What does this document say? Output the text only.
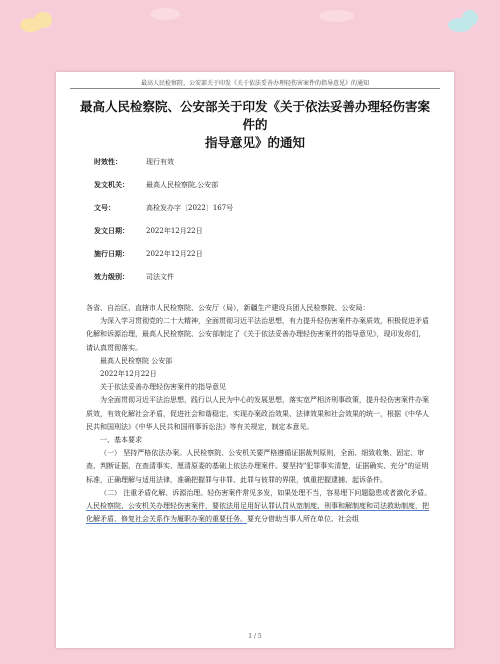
最高人民检察院、公安部关于印发《关于依法妥善办理轻伤害案件的指导意见》的通知
最高人民检察院、公安部关于印发《关于依法妥善办理轻伤害案件的
指导意见》的通知
时效性：	现行有效
发文机关：	最高人民检察院,公安部
文号：	高检发办字〔2022〕167号
发文日期：	2022年12月22日
施行日期：	2022年12月22日
效力级别：	司法文件

各省、自治区、直辖市人民检察院、公安厅（局），新疆生产建设兵团人民检察院、公安局：

为深入学习贯彻党的二十大精神，全面贯彻习近平法治思想，有力提升轻伤害案件办案质效，积极促进矛盾化解和诉源治理，最高人民检察院、公安部制定了《关于依法妥善办理轻伤害案件的指导意见》，现印发你们，请认真贯彻落实。

最高人民检察院 公安部

2022年12月22日

关于依法妥善办理轻伤害案件的指导意见

为全面贯彻习近平法治思想，践行以人民为中心的发展思想，落实宽严相济刑事政策，提升轻伤害案件办案质效，有效化解社会矛盾，促进社会和谐稳定，实现办案政治效果、法律效果和社会效果的统一，根据《中华人民共和国刑法》《中华人民共和国刑事诉讼法》等有关规定，制定本意见。

一、基本要求

（一） 坚持严格依法办案。人民检察院、公安机关要严格遵循证据裁判原则，全面、细致收集、固定、审查、判断证据，在查清事实、厘清原委的基础上依法办理案件。要坚持"犯罪事实清楚，证据确实、充分"的证明标准，正确理解与适用法律，准确把握罪与非罪、此罪与彼罪的界限，慎重把握逮捕、起诉条件。

（二） 注重矛盾化解、诉源治理。轻伤害案件常见多发，如果处理不当，容易埋下问题隐患或者激化矛盾。人民检察院、公安机关办理轻伤害案件，要依法用足用好认罪认罚从宽制度、刑事和解制度和司法救助制度，把化解矛盾、修复社会关系作为履职办案的重要任务。要充分借助当事人所在单位、社会组

1 / 5
